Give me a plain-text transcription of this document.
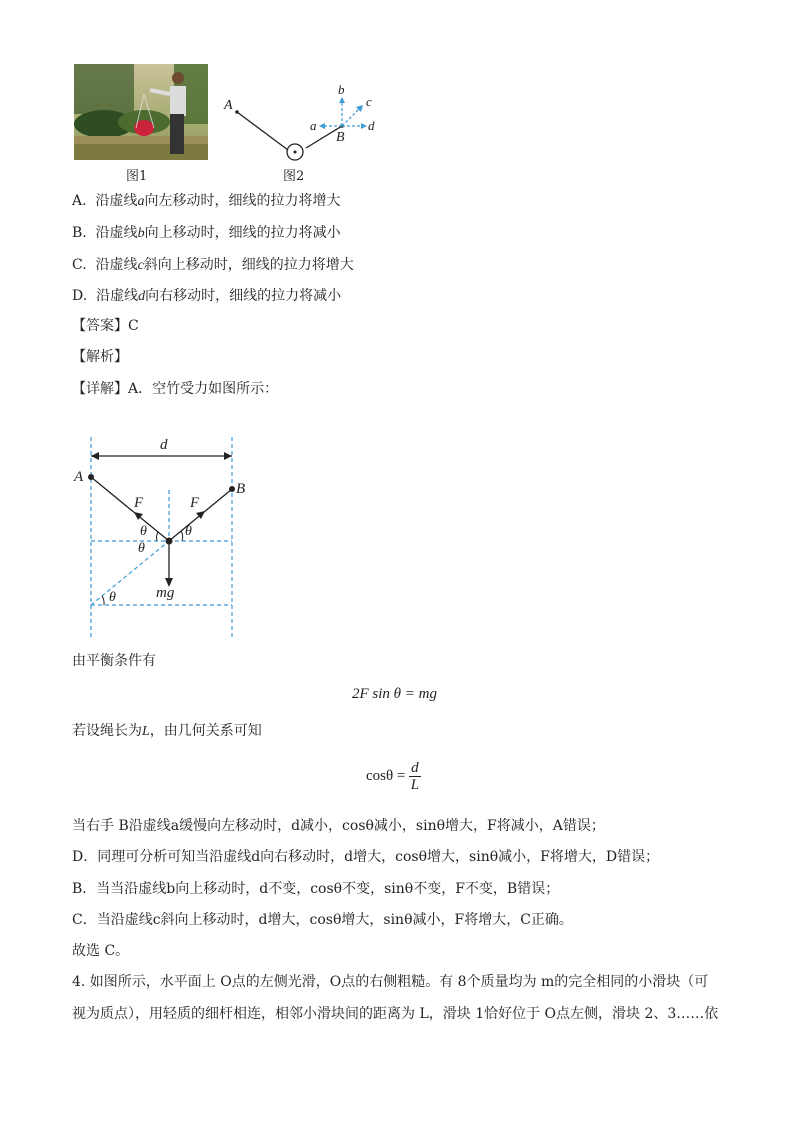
图1
A
B
b
c
a	d
图2
A. 沿虚线a向左移动时，细线的拉力将增大
B. 沿虚线b向上移动时，细线的拉力将减小
C. 沿虚线c斜向上移动时，细线的拉力将增大
D. 沿虚线d向右移动时，细线的拉力将减小
【答案】C
【解析】
【详解】A．空竹受力如图所示：
d
A
B
F	F
θ	θ
θ
θ	mg
由平衡条件有
2F sin θ = mg
若设绳长为L，由几何关系可知
$\cos\theta = \frac{d}{L}$
当右手 B沿虚线a缓慢向左移动时，d减小，cosθ减小，sinθ增大，F将减小，A错误；
D．同理可分析可知当沿虚线d向右移动时，d增大，cosθ增大，sinθ减小，F将增大，D错误；
B．当当沿虚线b向上移动时，d不变，cosθ不变，sinθ不变，F不变，B错误；
C．当沿虚线c斜向上移动时，d增大，cosθ增大，sinθ减小，F将增大，C正确。
故选 C。
4. 如图所示，水平面上 O点的左侧光滑，O点的右侧粗糙。有 8个质量均为 m的完全相同的小滑块（可
视为质点），用轻质的细杆相连，相邻小滑块间的距离为 L，滑块 1恰好位于 O点左侧，滑块 2、3……依
